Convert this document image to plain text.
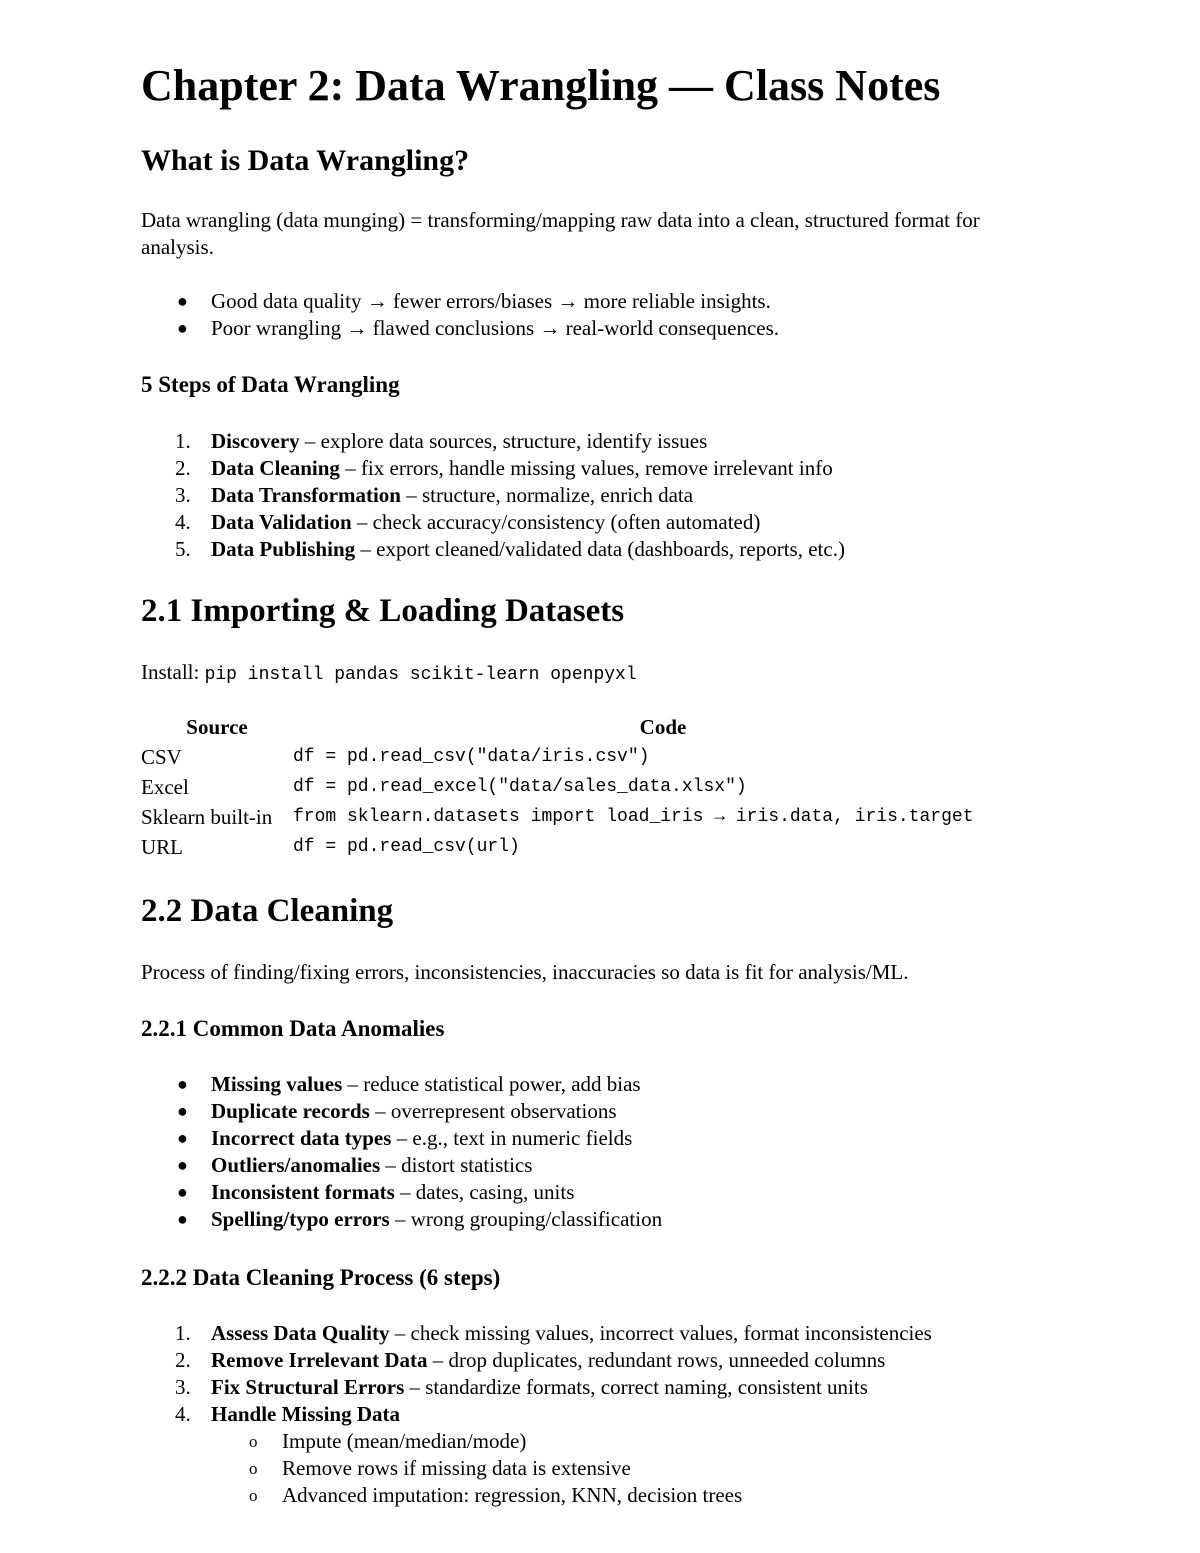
Chapter 2: Data Wrangling — Class Notes
What is Data Wrangling?

Data wrangling (data munging) = transforming/mapping raw data into a clean, structured format for analysis.

●	Good data quality → fewer errors/biases → more reliable insights.
●	Poor wrangling → flawed conclusions → real-world consequences.
5 Steps of Data Wrangling
1. Discovery – explore data sources, structure, identify issues
2. Data Cleaning – fix errors, handle missing values, remove irrelevant info
3. Data Transformation – structure, normalize, enrich data
4. Data Validation – check accuracy/consistency (often automated)
5. Data Publishing – export cleaned/validated data (dashboards, reports, etc.)
2.1 Importing & Loading Datasets

Install: pip install pandas scikit-learn openpyxl

Source	Code
CSV	df = pd.read_csv("data/iris.csv")
Excel	df = pd.read_excel("data/sales_data.xlsx")
Sklearn built-in	from sklearn.datasets import load_iris → iris.data, iris.target
URL	df = pd.read_csv(url)
2.2 Data Cleaning

Process of finding/fixing errors, inconsistencies, inaccuracies so data is fit for analysis/ML.

2.2.1 Common Data Anomalies
●	Missing values – reduce statistical power, add bias
●	Duplicate records – overrepresent observations
●	Incorrect data types – e.g., text in numeric fields
●	Outliers/anomalies – distort statistics
●	Inconsistent formats – dates, casing, units
●	Spelling/typo errors – wrong grouping/classification
2.2.2 Data Cleaning Process (6 steps)
1. Assess Data Quality – check missing values, incorrect values, format inconsistencies
2. Remove Irrelevant Data – drop duplicates, redundant rows, unneeded columns
3. Fix Structural Errors – standardize formats, correct naming, consistent units
4. Handle Missing Data
o	Impute (mean/median/mode)
o	Remove rows if missing data is extensive
o	Advanced imputation: regression, KNN, decision trees
